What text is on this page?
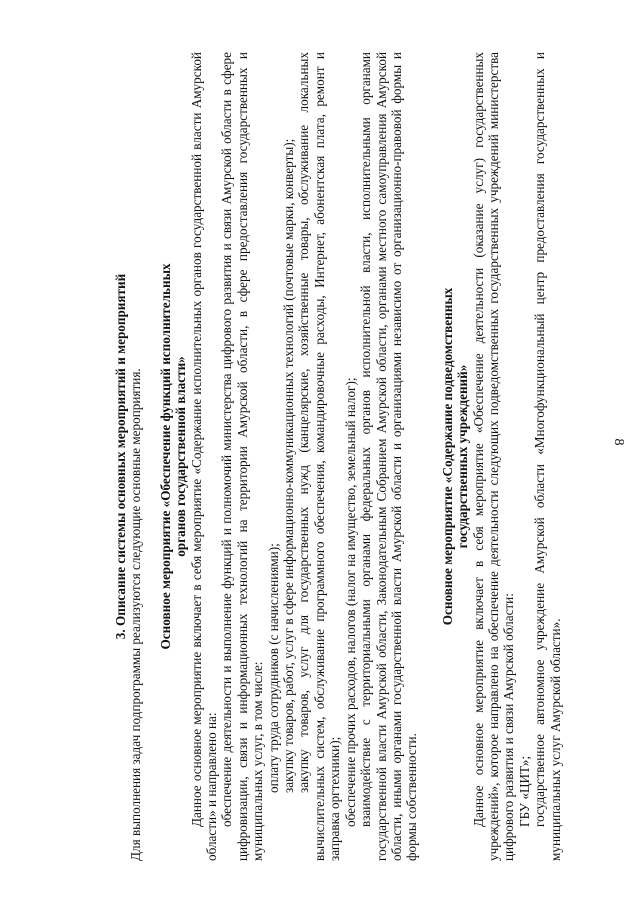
8
3. Описание системы основных мероприятий и мероприятий Для выполнения задач подпрограммы реализуются следующие основные мероприятия. Основное мероприятие «Обеспечение функций исполнительных органов государственной власти» Данное основное мероприятие включает в себя мероприятие «Содержание исполнительных органов государственной власти Амурской области» и направлено на: обеспечение деятельности и выполнение функций и полномочий министерства цифрового развития и связи Амурской области в сфере цифровизации, связи и информационных технологий на территории Амурской области, в сфере предоставления государственных и муниципальных услуг, в том числе: оплату труда сотрудников (с начислениями); закупку товаров, работ, услуг в сфере информационно-коммуникационных технологий (почтовые марки, конверты); закупку товаров, услуг для государственных нужд (канцелярские, хозяйственные товары, обслуживание локальных вычислительных систем, обслуживание программного обеспечения, командировочные расходы, Интернет, абонентская плата, ремонт и заправка оргтехники); обеспечение прочих расходов, налогов (налог на имущество, земельный налог); взаимодействие с территориальными органами федеральных органов исполнительной власти, исполнительными органами государственной власти Амурской области, Законодательным Собранием Амурской области, органами местного самоуправления Амурской области, иными органами государственной власти Амурской области и организациями независимо от организационно-правовой формы и формы собственности.

Основное мероприятие «Содержание подведомственных государственных учреждений» Данное основное мероприятие включает в себя мероприятие «Обеспечение деятельности (оказание услуг) государственных учреждений», которое направлено на обеспечение деятельности следующих подведомственных государственных учреждений министерства цифрового развития и связи Амурской области: ГБУ «ЦИТ»; государственное автономное учреждение Амурской области «Многофункциональный центр предоставления государственных и муниципальных услуг Амурской области».
